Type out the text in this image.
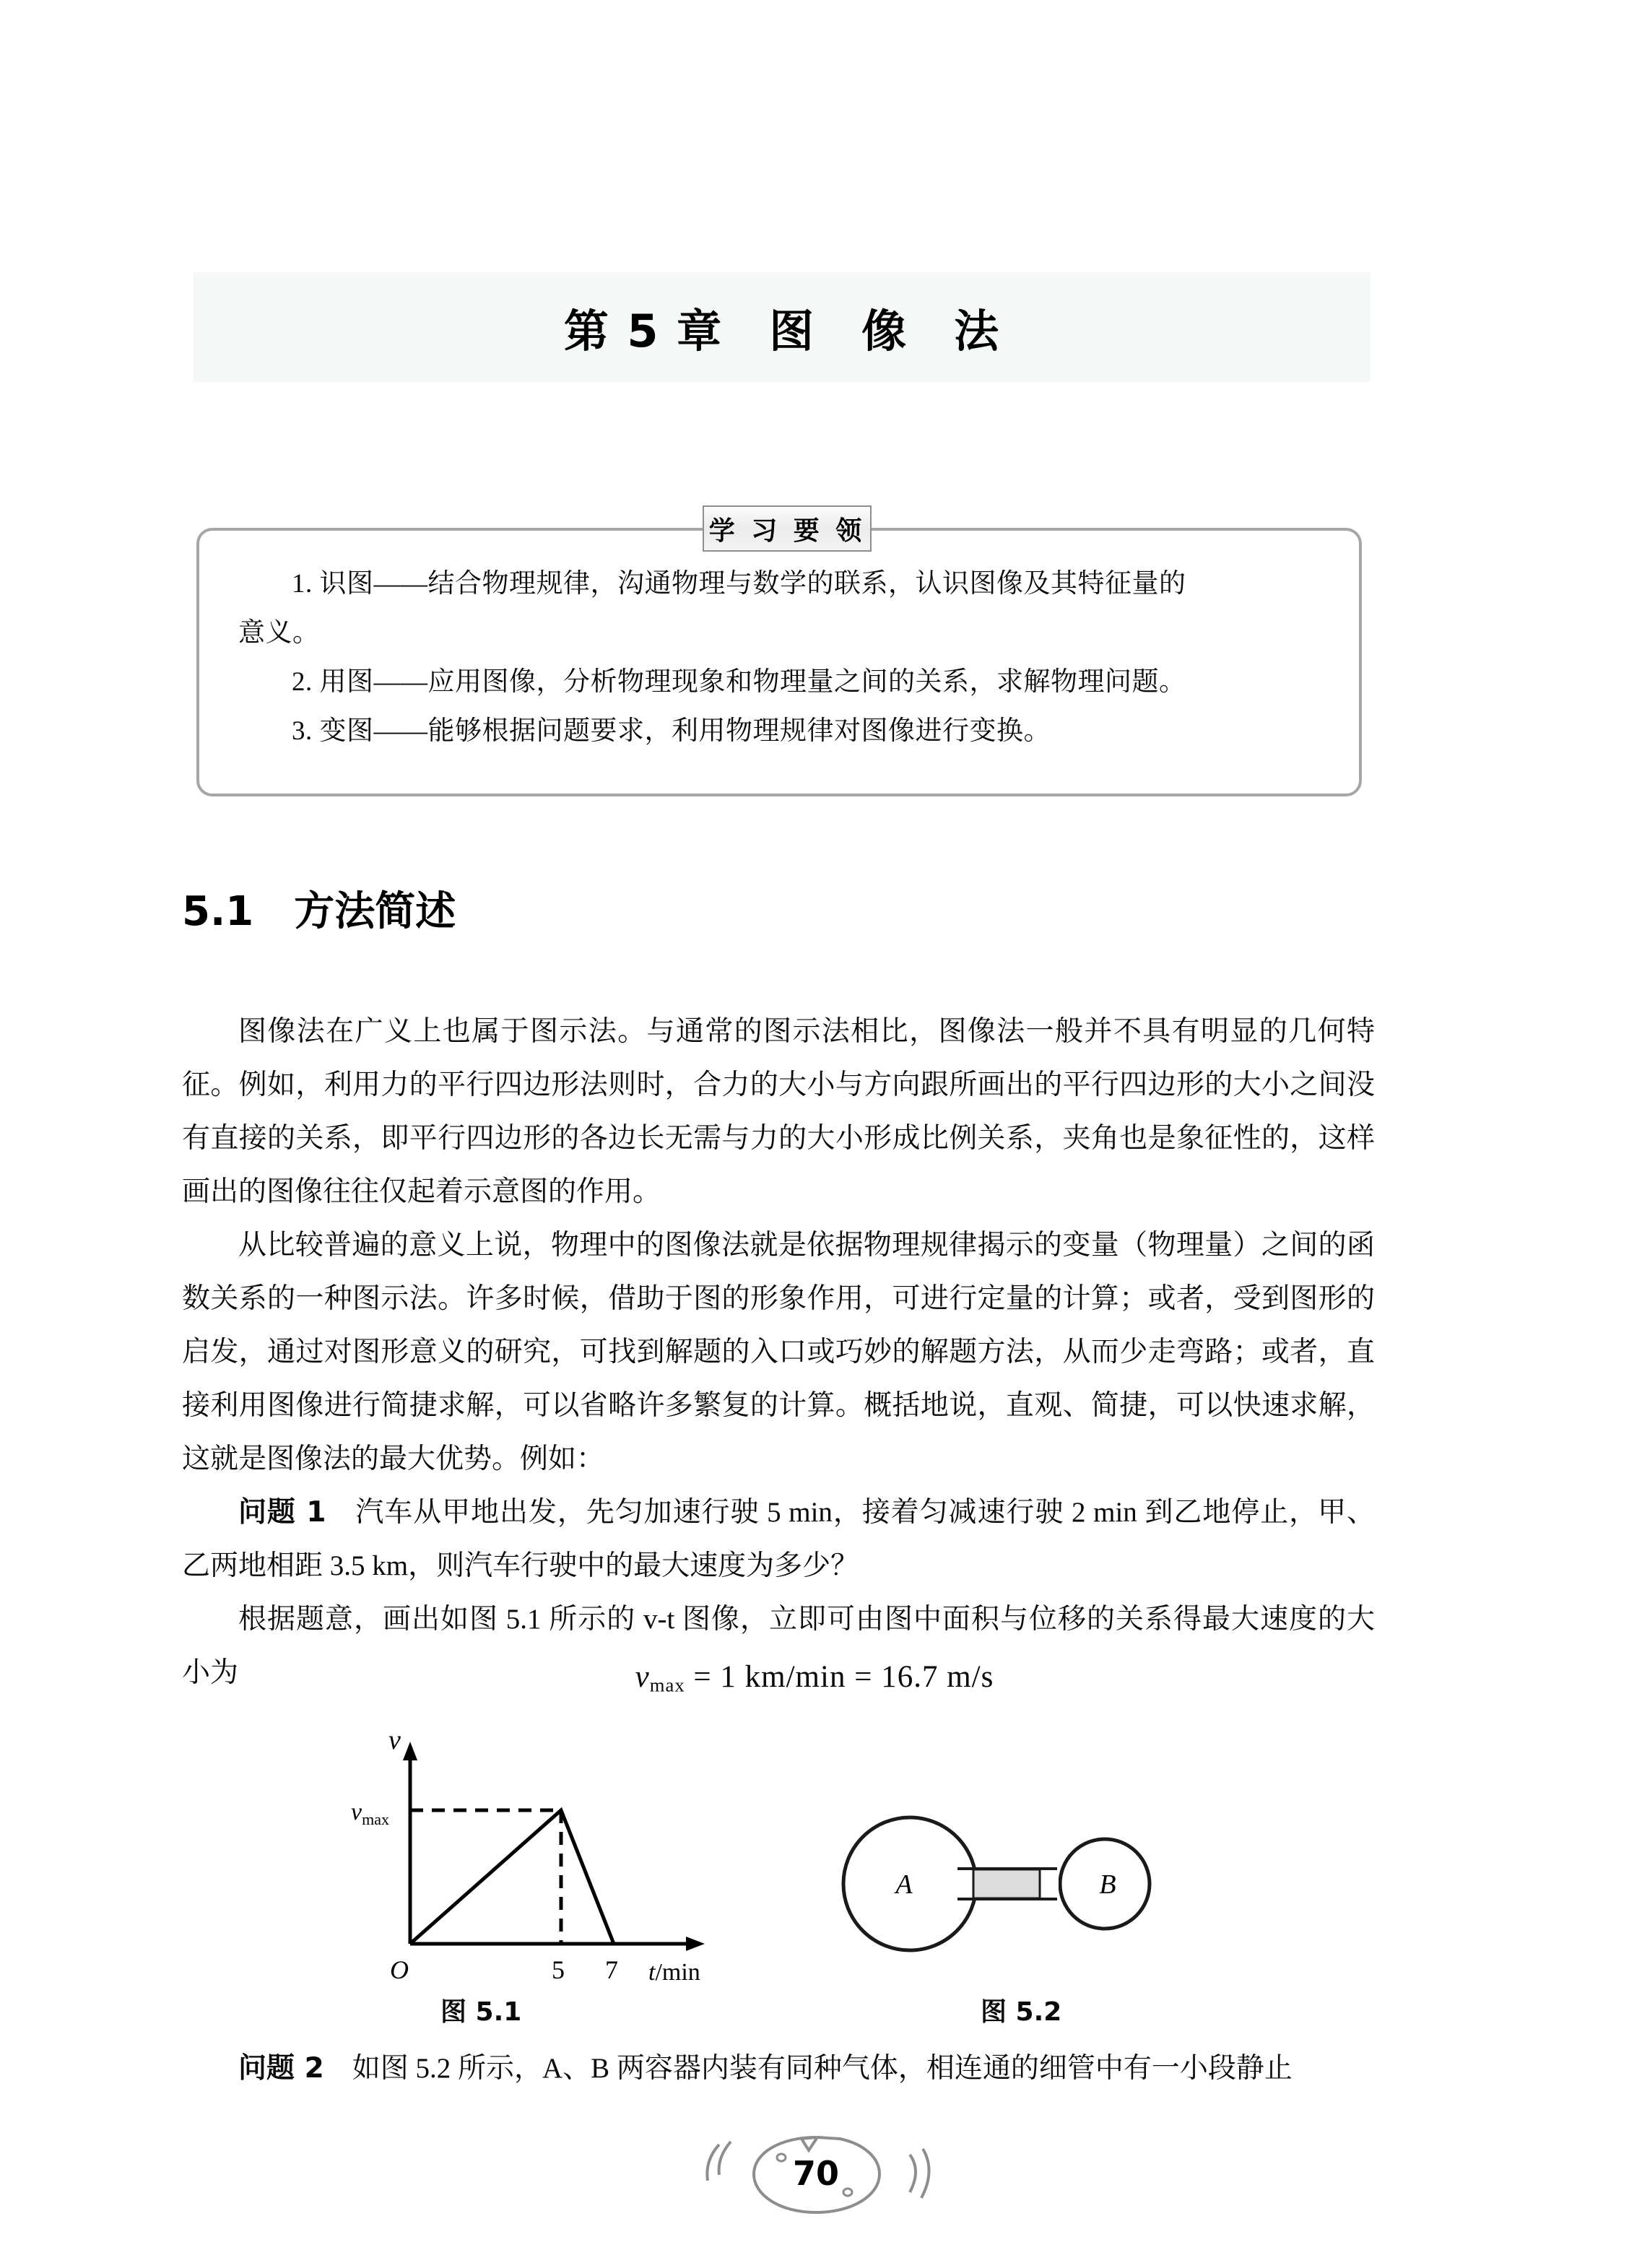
第 5 章　图　像　法
学 习 要 领

1. 识图——结合物理规律，沟通物理与数学的联系，认识图像及其特征量的

意义。

2. 用图——应用图像，分析物理现象和物理量之间的关系，求解物理问题。

3. 变图——能够根据问题要求，利用物理规律对图像进行变换。

5.1　方法简述

图像法在广义上也属于图示法。与通常的图示法相比，图像法一般并不具有明显的几何特征。例如，利用力的平行四边形法则时，合力的大小与方向跟所画出的平行四边形的大小之间没有直接的关系，即平行四边形的各边长无需与力的大小形成比例关系，夹角也是象征性的，这样画出的图像往往仅起着示意图的作用。

从比较普遍的意义上说，物理中的图像法就是依据物理规律揭示的变量（物理量）之间的函数关系的一种图示法。许多时候，借助于图的形象作用，可进行定量的计算；或者，受到图形的启发，通过对图形意义的研究，可找到解题的入口或巧妙的解题方法，从而少走弯路；或者，直接利用图像进行简捷求解，可以省略许多繁复的计算。概括地说，直观、简捷，可以快速求解，这就是图像法的最大优势。例如：

问题 1　 汽车从甲地出发，先匀加速行驶 5 min，接着匀减速行驶 2 min 到乙地停止，甲、乙两地相距 3.5 km，则汽车行驶中的最大速度为多少？

根据题意，画出如图 5.1 所示的 v-t 图像，立即可由图中面积与位移的关系得最大速度的大小为	$v_{max} = 1$ km/min = 16.7 m/s
v
$v_{max}$
O	5 7 t/min
图 5.1
A	B
图 5.2

问题 2　 如图 5.2 所示，A、B 两容器内装有同种气体，相连通的细管中有一小段静止

70
